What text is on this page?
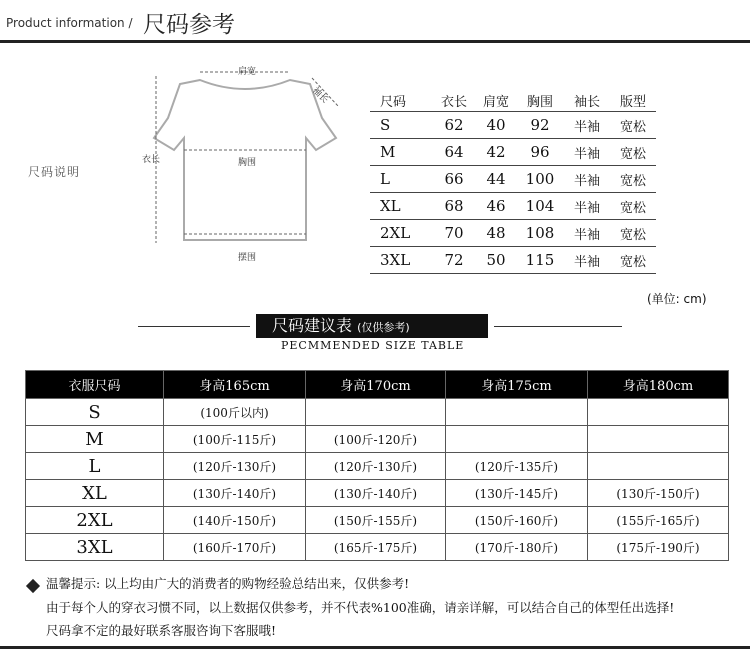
Product information / 尺码参考
尺码说明
肩宽
袖长
衣长	胸围
摆围
尺码	衣长	肩宽	胸围	袖长	版型
S	62	40	92	半袖	宽松
M	64	42	96	半袖	宽松
L	66	44	100	半袖	宽松
XL	68	46	104	半袖	宽松
2XL	70	48	108	半袖	宽松
3XL	72	50	115	半袖	宽松
(单位: cm)
尺码建议表 (仅供参考)
PECMMENDED SIZE TABLE
衣服尺码	身高165cm	身高170cm	身高175cm	身高180cm
S	(100斤以内)			
M	(100斤-115斤)	(100斤-120斤)		
L	(120斤-130斤)	(120斤-130斤)	(120斤-135斤)	
XL	(130斤-140斤)	(130斤-140斤)	(130斤-145斤)	(130斤-150斤)
2XL	(140斤-150斤)	(150斤-155斤)	(150斤-160斤)	(155斤-165斤)
3XL	(160斤-170斤)	(165斤-175斤)	(170斤-180斤)	(175斤-190斤)
温馨提示: 以上均由广大的消费者的购物经验总结出来，仅供参考!
由于每个人的穿衣习惯不同，以上数据仅供参考，并不代表%100准确，请亲详解，可以结合自己的体型任出选择!
尺码拿不定的最好联系客服咨询下客服哦!
